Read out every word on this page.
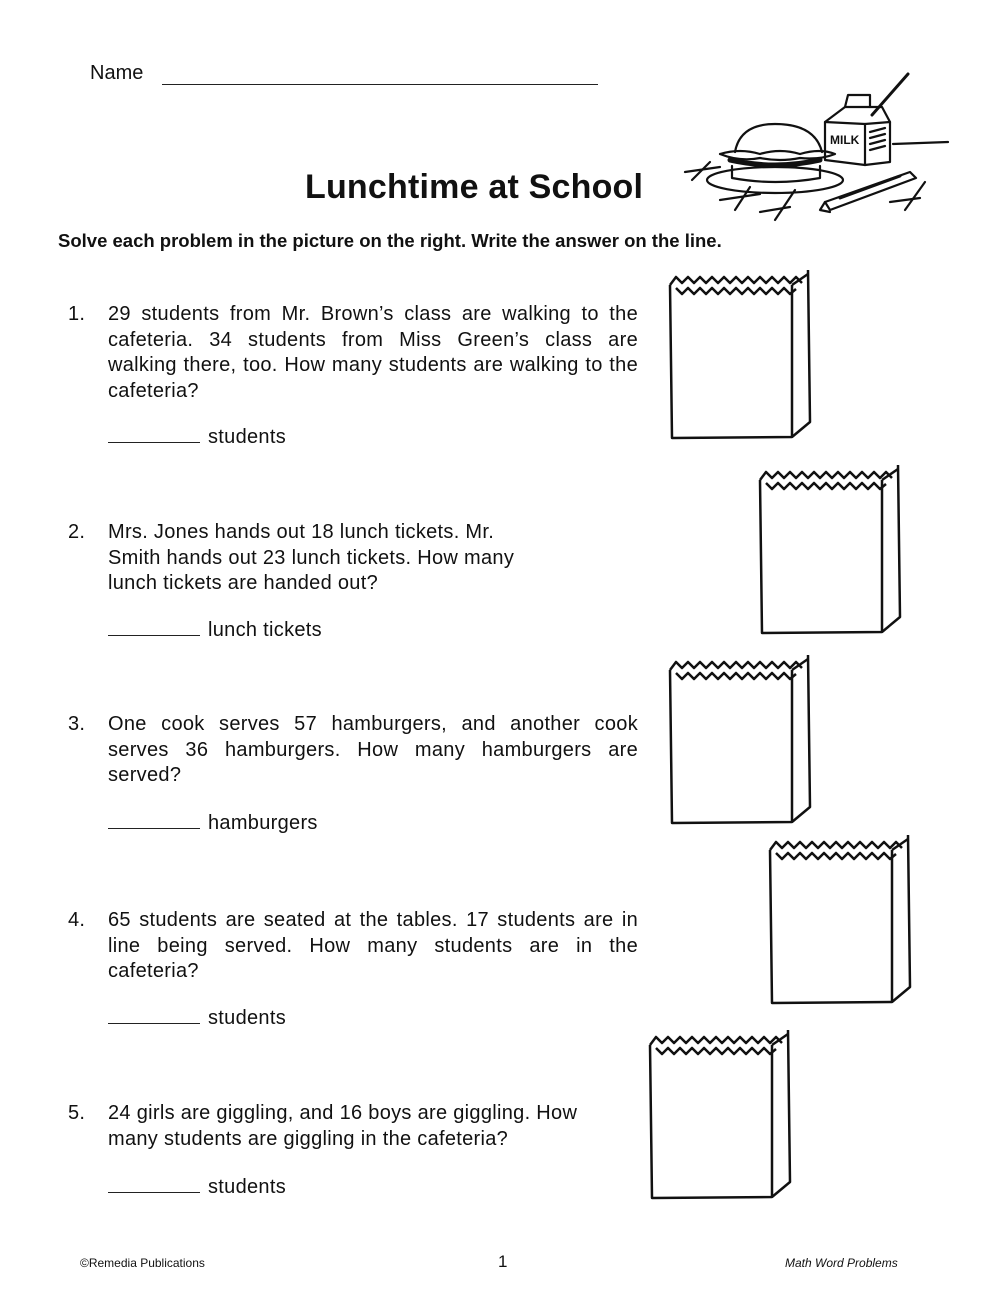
Name
MILK
Lunchtime at School
Solve each problem in the picture on the right. Write the answer on the line.
1.	29 students from Mr. Brown’s class are walking to the cafeteria. 34 students from Miss Green’s class are walking there, too. How many students are walking to the cafeteria?
students
2.	Mrs. Jones hands out 18 lunch tickets. Mr. Smith hands out 23 lunch tickets. How many lunch tickets are handed out?
lunch tickets
3.	One cook serves 57 hamburgers, and another cook serves 36 hamburgers. How many hamburgers are served?
hamburgers
4.	65 students are seated at the tables. 17 students are in line being served. How many students are in the cafeteria?
students
5.	24 girls are giggling, and 16 boys are giggling. How many students are giggling in the cafeteria?
students
©Remedia Publications	1	Math Word Problems
